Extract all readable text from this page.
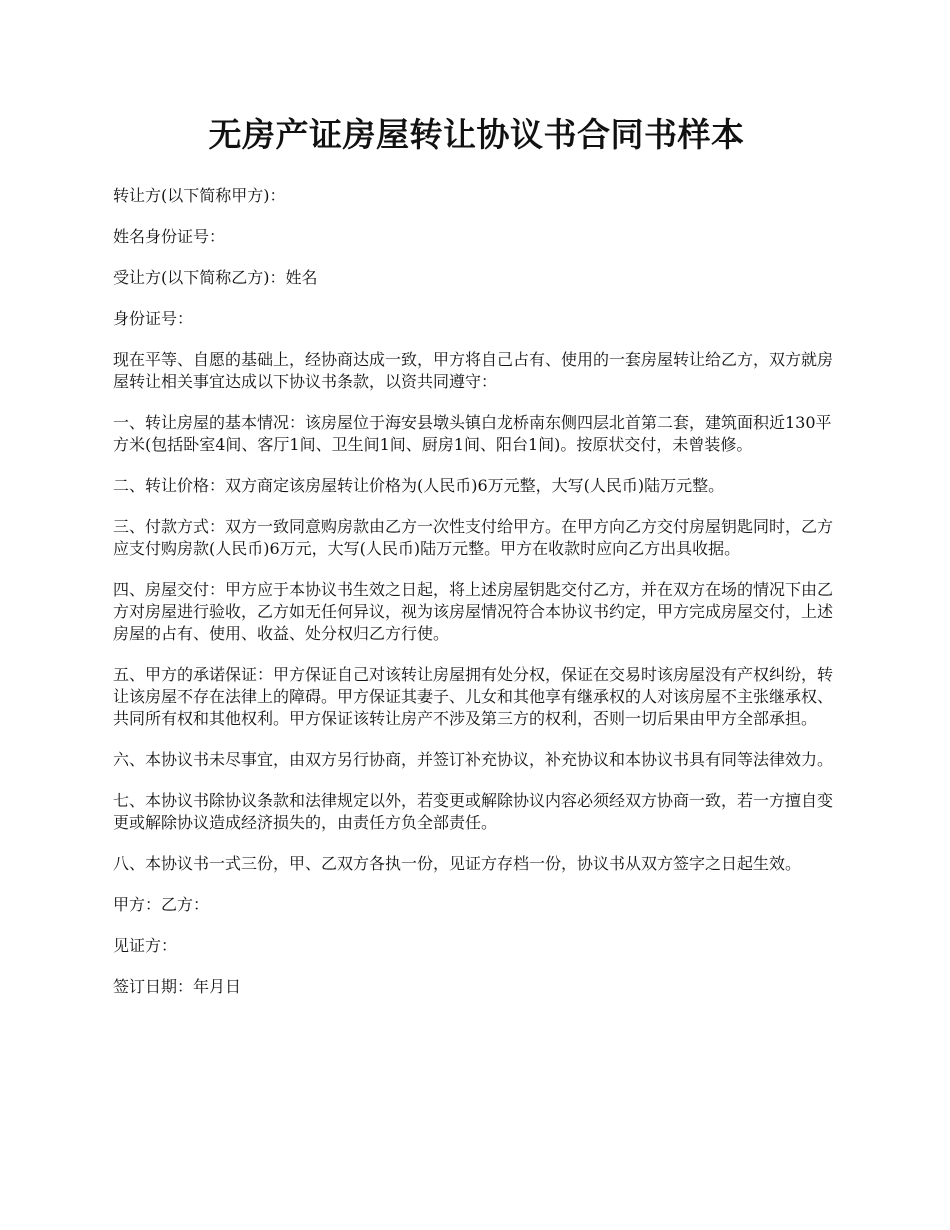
无房产证房屋转让协议书合同书样本

转让方(以下简称甲方)：

姓名身份证号：

受让方(以下简称乙方)：姓名

身份证号：

现在平等、自愿的基础上，经协商达成一致，甲方将自己占有、使用的一套房屋转让给乙方，双方就房屋转让相关事宜达成以下协议书条款，以资共同遵守：

一、转让房屋的基本情况：该房屋位于海安县墩头镇白龙桥南东侧四层北首第二套，建筑面积近130平方米(包括卧室4间、客厅1间、卫生间1间、厨房1间、阳台1间)。按原状交付，未曾装修。

二、转让价格：双方商定该房屋转让价格为(人民币)6万元整，大写(人民币)陆万元整。

三、付款方式：双方一致同意购房款由乙方一次性支付给甲方。在甲方向乙方交付房屋钥匙同时，乙方应支付购房款(人民币)6万元，大写(人民币)陆万元整。甲方在收款时应向乙方出具收据。

四、房屋交付：甲方应于本协议书生效之日起，将上述房屋钥匙交付乙方，并在双方在场的情况下由乙方对房屋进行验收，乙方如无任何异议，视为该房屋情况符合本协议书约定，甲方完成房屋交付，上述房屋的占有、使用、收益、处分权归乙方行使。

五、甲方的承诺保证：甲方保证自己对该转让房屋拥有处分权，保证在交易时该房屋没有产权纠纷，转让该房屋不存在法律上的障碍。甲方保证其妻子、儿女和其他享有继承权的人对该房屋不主张继承权、共同所有权和其他权利。甲方保证该转让房产不涉及第三方的权利，否则一切后果由甲方全部承担。

六、本协议书未尽事宜，由双方另行协商，并签订补充协议，补充协议和本协议书具有同等法律效力。

七、本协议书除协议条款和法律规定以外，若变更或解除协议内容必须经双方协商一致，若一方擅自变更或解除协议造成经济损失的，由责任方负全部责任。

八、本协议书一式三份，甲、乙双方各执一份，见证方存档一份，协议书从双方签字之日起生效。

甲方：乙方：

见证方：

签订日期：年月日
